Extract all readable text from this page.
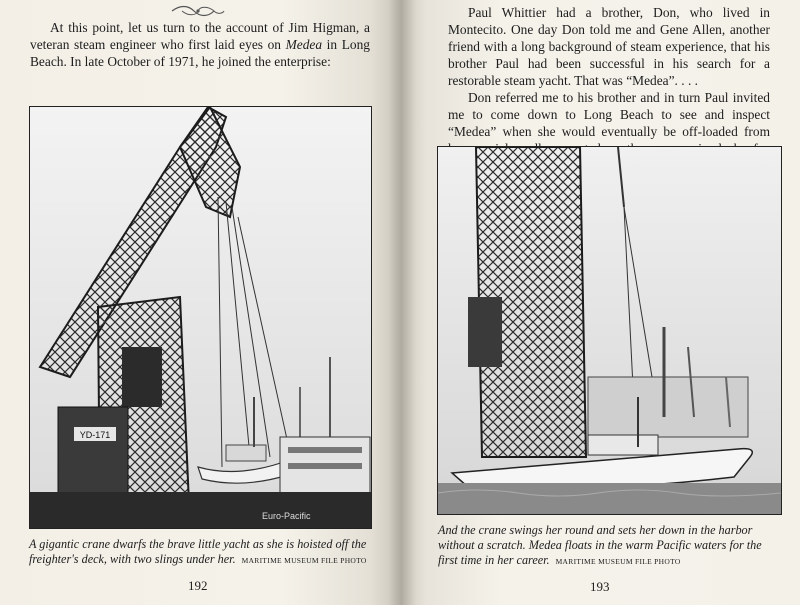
At this point, let us turn to the account of Jim Higman, a veteran steam engineer who first laid eyes on Medea in Long Beach. In late October of 1971, he joined the enterprise:

YD-171
Euro-Pacific

A gigantic crane dwarfs the brave little yacht as she is hoisted off the freighter's deck, with two slings under her. MARITIME MUSEUM FILE PHOTO

192

Paul Whittier had a brother, Don, who lived in Montecito. One day Don told me and Gene Allen, another friend with a long background of steam experience, that his brother Paul had been successful in his search for a restorable steam yacht. That was “Medea”. . . .

Don referred me to his brother and in turn Paul invited me to come down to Long Beach to see and inspect “Medea” when she would eventually be off-loaded from

And the crane swings her round and sets her down in the harbor without a scratch. Medea floats in the warm Pacific waters for the first time in her career. MARITIME MUSEUM FILE PHOTO

193
